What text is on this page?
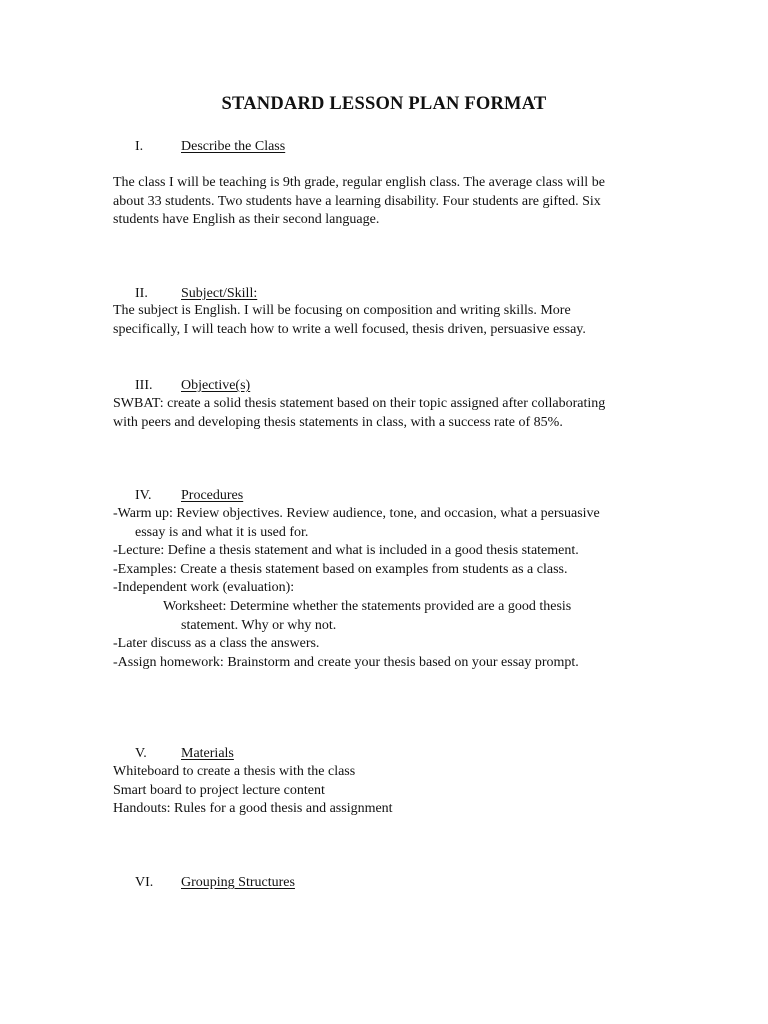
STANDARD LESSON PLAN FORMAT
I.	Describe the Class
The class I will be teaching is 9th grade, regular english class. The average class will be
about 33 students. Two students have a learning disability. Four students are gifted. Six
students have English as their second language.
II. Subject/Skill:
The subject is English. I will be focusing on composition and writing skills. More
specifically, I will teach how to write a well focused, thesis driven, persuasive essay.
III. Objective(s)
SWBAT: create a solid thesis statement based on their topic assigned after collaborating
with peers and developing thesis statements in class, with a success rate of 85%.
IV. Procedures
-Warm up: Review objectives. Review audience, tone, and occasion, what a persuasive
essay is and what it is used for.
-Lecture: Define a thesis statement and what is included in a good thesis statement.
-Examples: Create a thesis statement based on examples from students as a class.
-Independent work (evaluation):
Worksheet: Determine whether the statements provided are a good thesis
statement. Why or why not.
-Later discuss as a class the answers.
-Assign homework: Brainstorm and create your thesis based on your essay prompt.
V. Materials
Whiteboard to create a thesis with the class
Smart board to project lecture content
Handouts: Rules for a good thesis and assignment
VI. Grouping Structures
